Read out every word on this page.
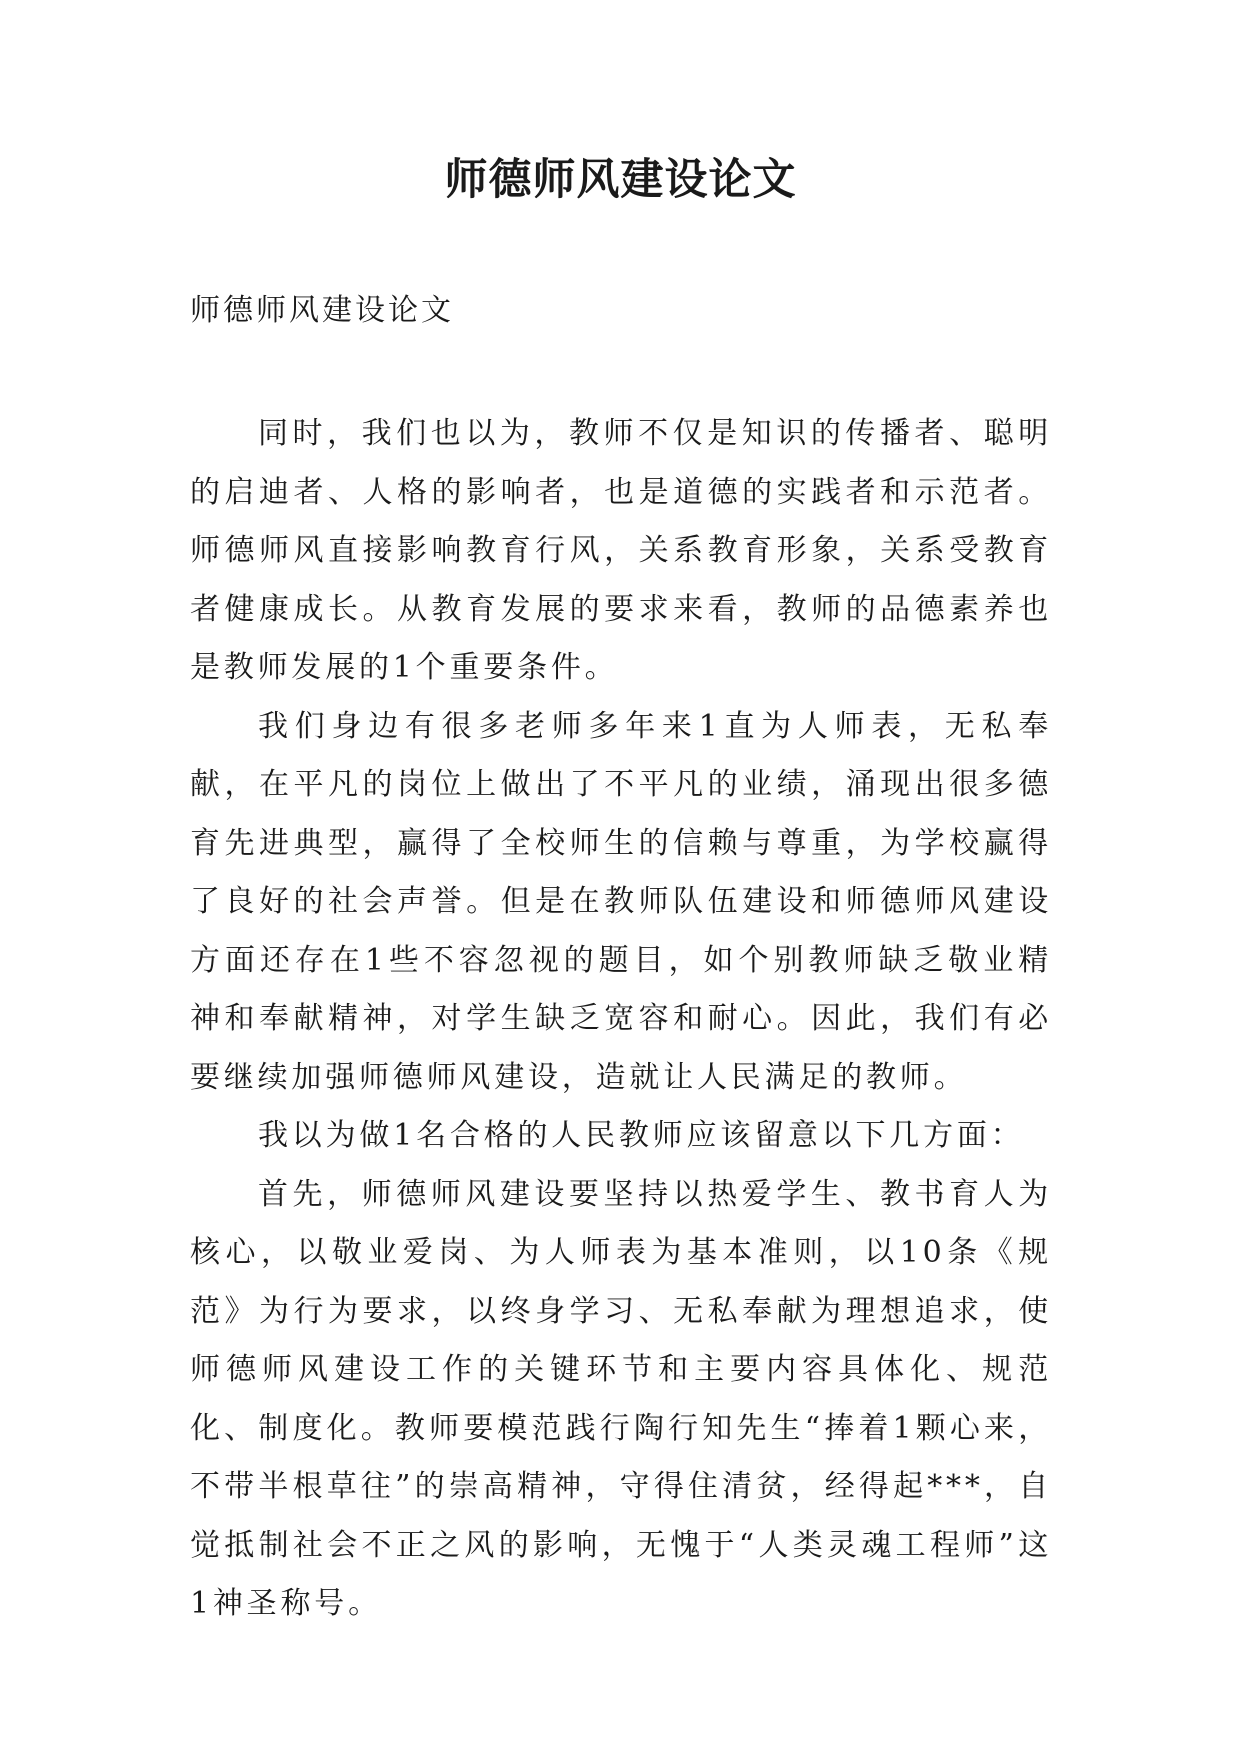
师德师风建设论文

师德师风建设论文

同时，我们也以为，教师不仅是知识的传播者、聪明的启迪者、人格的影响者，也是道德的实践者和示范者。师德师风直接影响教育行风，关系教育形象，关系受教育者健康成长。从教育发展的要求来看，教师的品德素养也是教师发展的1个重要条件。

我们身边有很多老师多年来1直为人师表，无私奉献，在平凡的岗位上做出了不平凡的业绩，涌现出很多德育先进典型，赢得了全校师生的信赖与尊重，为学校赢得了良好的社会声誉。但是在教师队伍建设和师德师风建设方面还存在1些不容忽视的题目，如个别教师缺乏敬业精神和奉献精神，对学生缺乏宽容和耐心。因此，我们有必要继续加强师德师风建设，造就让人民满足的教师。

我以为做1名合格的人民教师应该留意以下几方面：

首先，师德师风建设要坚持以热爱学生、教书育人为核心，以敬业爱岗、为人师表为基本准则，以10条《规范》为行为要求，以终身学习、无私奉献为理想追求，使师德师风建设工作的关键环节和主要内容具体化、规范化、制度化。教师要模范践行陶行知先生“捧着1颗心来，不带半根草往”的崇高精神，守得住清贫，经得起***，自觉抵制社会不正之风的影响，无愧于“人类灵魂工程师”这1神圣称号。
